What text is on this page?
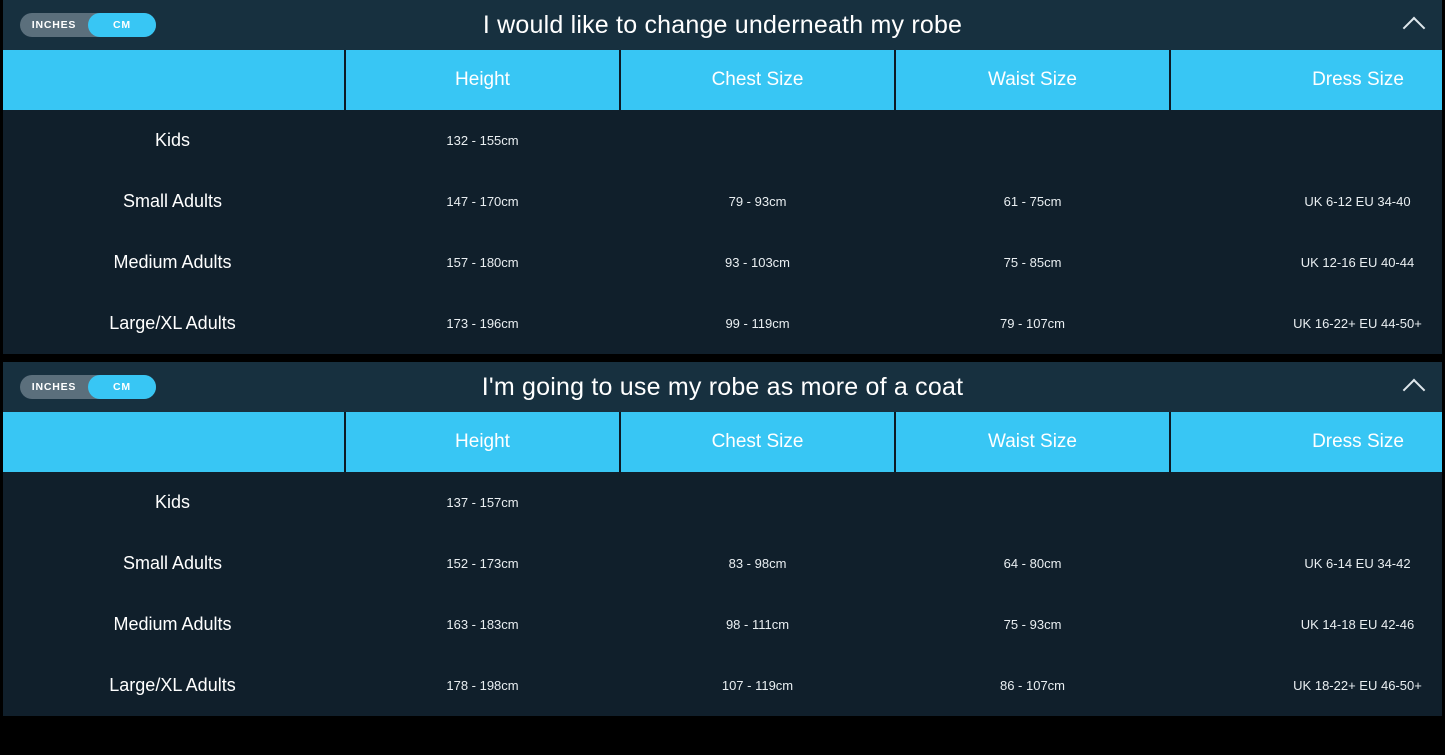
INCHES	CM	I would like to change underneath my robe
	Height	Chest Size	Waist Size	Dress Size
Kids	132 - 155cm			
Small Adults	147 - 170cm	79 - 93cm	61 - 75cm	UK 6-12 EU 34-40
Medium Adults	157 - 180cm	93 - 103cm	75 - 85cm	UK 12-16 EU 40-44
Large/XL Adults	173 - 196cm	99 - 119cm	79 - 107cm	UK 16-22+ EU 44-50+
INCHES	CM	I'm going to use my robe as more of a coat
	Height	Chest Size	Waist Size	Dress Size
Kids	137 - 157cm			
Small Adults	152 - 173cm	83 - 98cm	64 - 80cm	UK 6-14 EU 34-42
Medium Adults	163 - 183cm	98 - 111cm	75 - 93cm	UK 14-18 EU 42-46
Large/XL Adults	178 - 198cm	107 - 119cm	86 - 107cm	UK 18-22+ EU 46-50+
